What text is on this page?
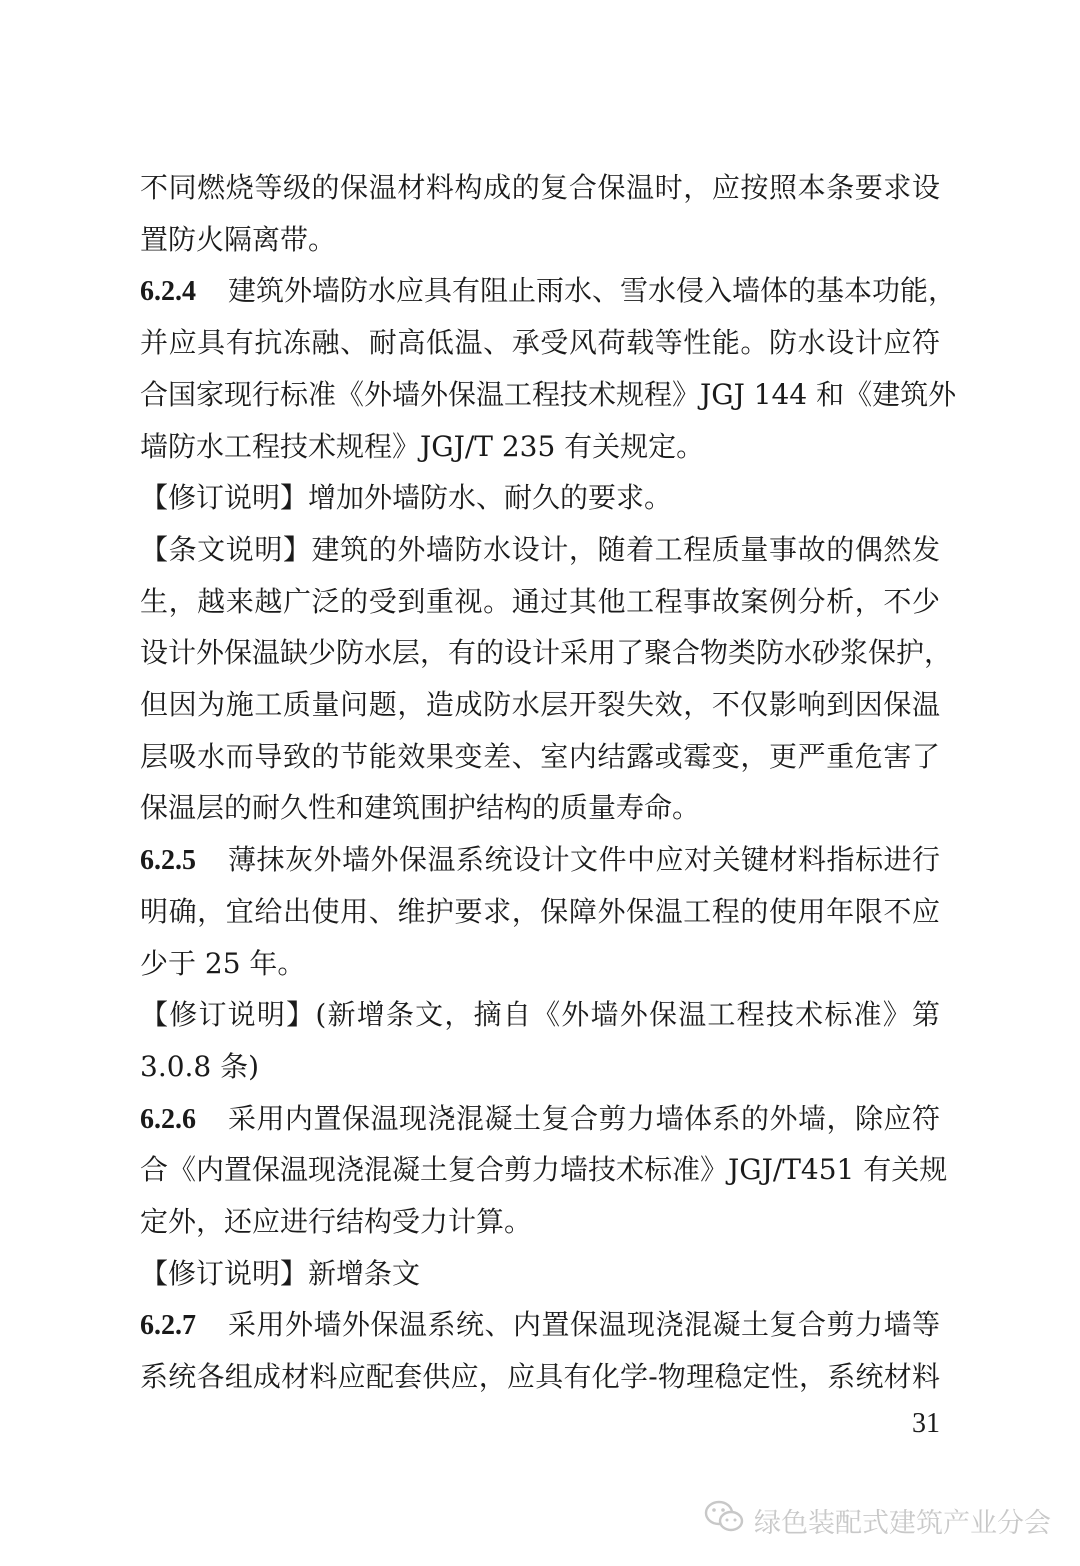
不同燃烧等级的保温材料构成的复合保温时，应按照本条要求设
置防火隔离带。
6.2.4 建筑外墙防水应具有阻止雨水、雪水侵入墙体的基本功能，
并应具有抗冻融、耐高低温、承受风荷载等性能。防水设计应符
合国家现行标准《外墙外保温工程技术规程》JGJ 144 和《建筑外
墙防水工程技术规程》JGJ/T 235 有关规定。
【修订说明】增加外墙防水、耐久的要求。
【条文说明】建筑的外墙防水设计，随着工程质量事故的偶然发
生，越来越广泛的受到重视。通过其他工程事故案例分析，不少
设计外保温缺少防水层，有的设计采用了聚合物类防水砂浆保护，
但因为施工质量问题，造成防水层开裂失效，不仅影响到因保温
层吸水而导致的节能效果变差、室内结露或霉变，更严重危害了
保温层的耐久性和建筑围护结构的质量寿命。
6.2.5 薄抹灰外墙外保温系统设计文件中应对关键材料指标进行
明确，宜给出使用、维护要求，保障外保温工程的使用年限不应
少于 25 年。
【修订说明】(新增条文，摘自《外墙外保温工程技术标准》第
3.0.8 条)
6.2.6 采用内置保温现浇混凝土复合剪力墙体系的外墙，除应符
合《内置保温现浇混凝土复合剪力墙技术标准》JGJ/T451 有关规
定外，还应进行结构受力计算。
【修订说明】新增条文
6.2.7 采用外墙外保温系统、内置保温现浇混凝土复合剪力墙等
系统各组成材料应配套供应，应具有化学-物理稳定性，系统材料
31
绿色装配式建筑产业分会
